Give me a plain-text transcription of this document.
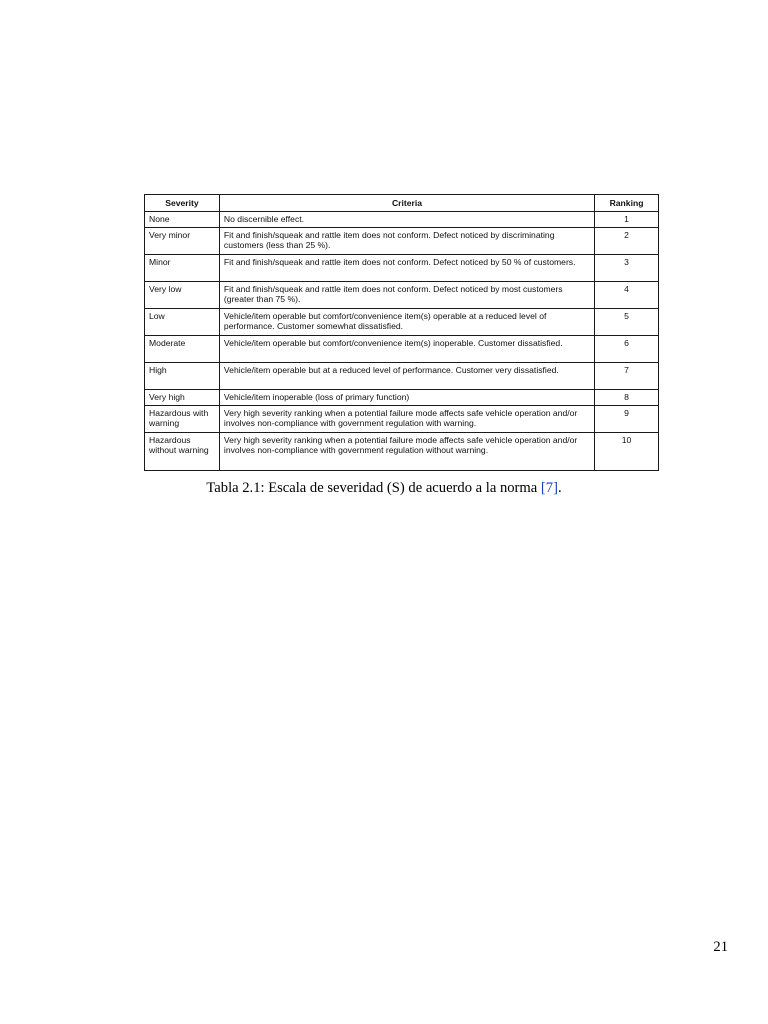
Severity	Criteria	Ranking
None	No discernible effect.	1
Very minor	Fit and finish/squeak and rattle item does not conform. Defect noticed by discriminating customers (less than 25 %).	2
Minor	Fit and finish/squeak and rattle item does not conform. Defect noticed by 50 % of customers.	3
Very low	Fit and finish/squeak and rattle item does not conform. Defect noticed by most customers (greater than 75 %).	4
Low	Vehicle/item operable but comfort/convenience item(s) operable at a reduced level of performance. Customer somewhat dissatisfied.	5
Moderate	Vehicle/item operable but comfort/convenience item(s) inoperable. Customer dissatisfied.	6
High	Vehicle/item operable but at a reduced level of performance. Customer very dissatisfied.	7
Very high	Vehicle/item inoperable (loss of primary function)	8
Hazardous with warning	Very high severity ranking when a potential failure mode affects safe vehicle operation and/or involves non-compliance with government regulation with warning.	9
Hazardous without warning	Very high severity ranking when a potential failure mode affects safe vehicle operation and/or involves non-compliance with government regulation without warning.	10
Tabla 2.1: Escala de severidad (S) de acuerdo a la norma [7].
21
